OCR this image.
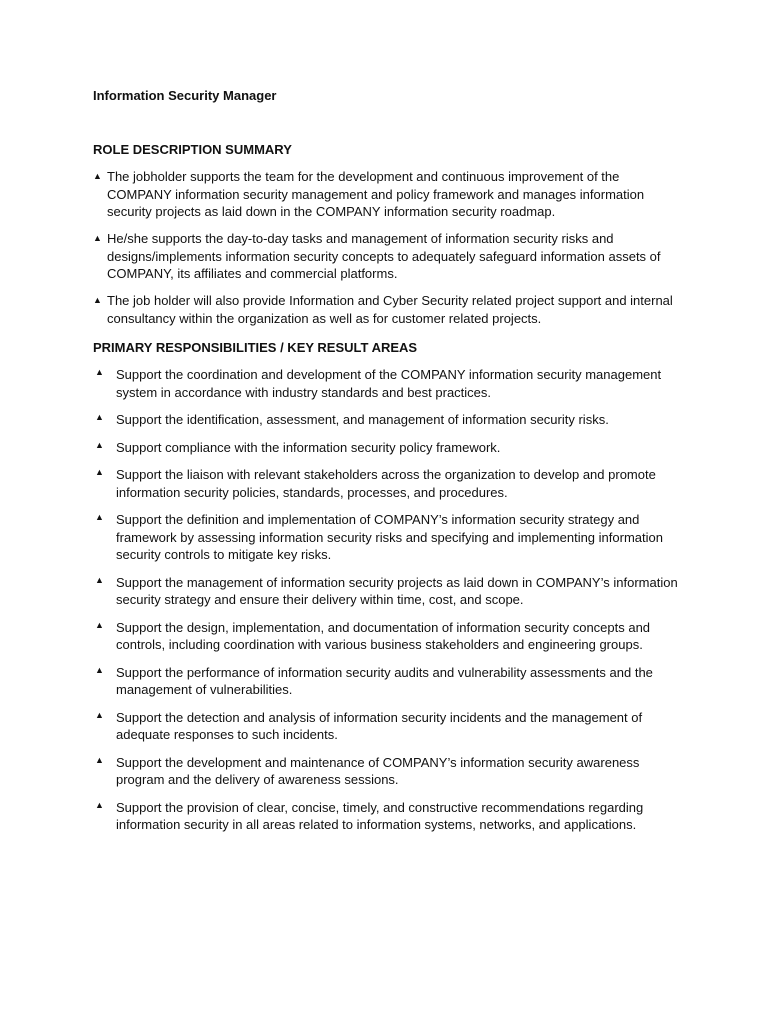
Information Security Manager

ROLE DESCRIPTION SUMMARY

▲ The jobholder supports the team for the development and continuous improvement of the COMPANY information security management and policy framework and manages information security projects as laid down in the COMPANY information security roadmap.
▲ He/she supports the day-to-day tasks and management of information security risks and designs/implements information security concepts to adequately safeguard information assets of COMPANY, its affiliates and commercial platforms.
▲ The job holder will also provide Information and Cyber Security related project support and internal consultancy within the organization as well as for customer related projects.

PRIMARY RESPONSIBILITIES / KEY RESULT AREAS

▲ Support the coordination and development of the COMPANY information security management system in accordance with industry standards and best practices.
▲ Support the identification, assessment, and management of information security risks.
▲ Support compliance with the information security policy framework.
▲ Support the liaison with relevant stakeholders across the organization to develop and promote information security policies, standards, processes, and procedures.
▲ Support the definition and implementation of COMPANY’s information security strategy and framework by assessing information security risks and specifying and implementing information security controls to mitigate key risks.
▲ Support the management of information security projects as laid down in COMPANY’s information security strategy and ensure their delivery within time, cost, and scope.
▲ Support the design, implementation, and documentation of information security concepts and controls, including coordination with various business stakeholders and engineering groups.
▲ Support the performance of information security audits and vulnerability assessments and the management of vulnerabilities.
▲ Support the detection and analysis of information security incidents and the management of adequate responses to such incidents.
▲ Support the development and maintenance of COMPANY’s information security awareness program and the delivery of awareness sessions.
▲ Support the provision of clear, concise, timely, and constructive recommendations regarding information security in all areas related to information systems, networks, and applications.
